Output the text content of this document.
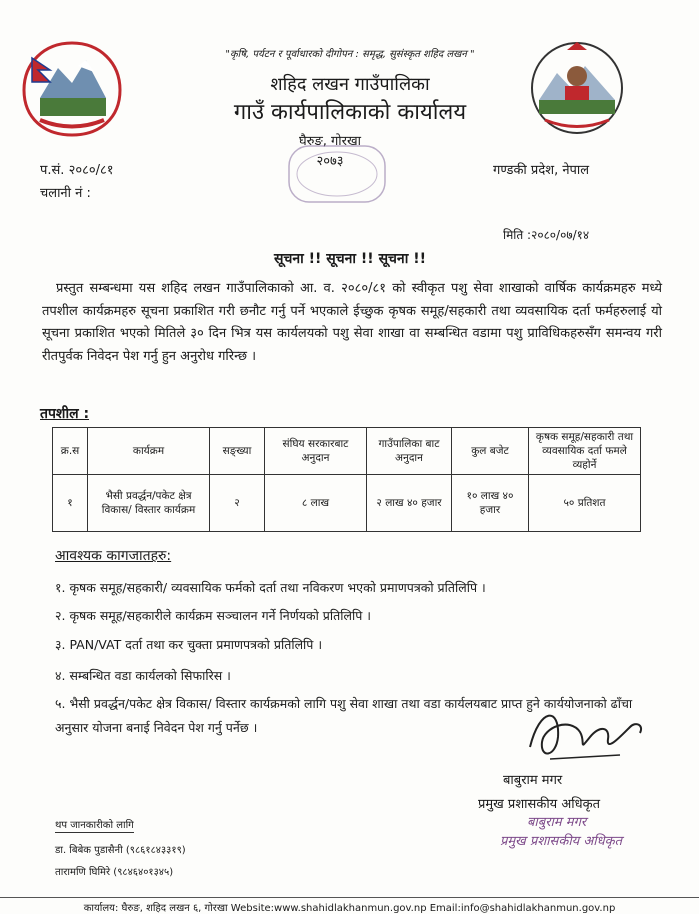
"कृषि, पर्यटन र पूर्वाधारको दीगोपन : समृद्ध, सुसंस्कृत शहिद लखन "
शहिद लखन गाउँपालिका
गाउँ कार्यपालिकाको कार्यालय
घैरुङ, गोरखा
२०७३
प.सं. २०८०/८१
चलानी नं :
गण्डकी प्रदेश, नेपाल
मिति :२०८०/०७/१४
सूचना !! सूचना !! सूचना !!
प्रस्तुत सम्बन्धमा यस शहिद लखन गाउँपालिकाको आ. व. २०८०/८१ को स्वीकृत पशु सेवा शाखाको वार्षिक कार्यक्रमहरु मध्ये तपशील कार्यक्रमहरु सूचना प्रकाशित गरी छनौट गर्नु पर्ने भएकाले ईच्छुक कृषक समूह/सहकारी तथा व्यवसायिक दर्ता फर्महरुलाई यो सूचना प्रकाशित भएको मितिले ३० दिन भित्र यस कार्यलयको पशु सेवा शाखा वा सम्बन्धित वडामा पशु प्राविधिकहरुसँग समन्वय गरी रीतपुर्वक निवेदन पेश गर्नु हुन अनुरोध गरिन्छ ।
तपशील :
क्र.स	कार्यक्रम	सङ्ख्या	संघिय सरकारबाट अनुदान	गाउँपालिका बाट अनुदान	कुल बजेट	कृषक समूह/सहकारी तथा व्यवसायिक दर्ता फमले व्यहोर्ने
१	भैसी प्रवर्द्धन/पकेट क्षेत्र विकास/ विस्तार कार्यक्रम	२	८ लाख	२ लाख ४० हजार	१० लाख ४० हजार	५० प्रतिशत
आवश्यक कागजातहरु:
१. कृषक समूह/सहकारी/ व्यवसायिक फर्मको दर्ता तथा नविकरण भएको प्रमाणपत्रको प्रतिलिपि ।
२. कृषक समूह/सहकारीले कार्यक्रम सञ्चालन गर्ने निर्णयको प्रतिलिपि ।
३. PAN/VAT दर्ता तथा कर चुक्ता प्रमाणपत्रको प्रतिलिपि ।
४. सम्बन्धित वडा कार्यलको सिफारिस ।
५. भैसी प्रवर्द्धन/पकेट क्षेत्र विकास/ विस्तार कार्यक्रमको लागि पशु सेवा शाखा तथा वडा कार्यलयबाट प्राप्त हुने कार्ययोजनाको ढाँचा अनुसार योजना बनाई निवेदन पेश गर्नु पर्नेछ ।
बाबुराम मगर
प्रमुख प्रशासकीय अधिकृत
बाबुराम मगर
प्रमुख प्रशासकीय अधिकृत
थप जानकारीको लागि
डा. बिबेक पुडासैनी (९८६१८४३३१९)
तारामणि घिमिरे (९८४६४०१३४५)
कार्यालय: घैरुङ, शहिद लखन ६, गोरखा Website:www.shahidlakhanmun.gov.np Email:info@shahidlakhanmun.gov.np
